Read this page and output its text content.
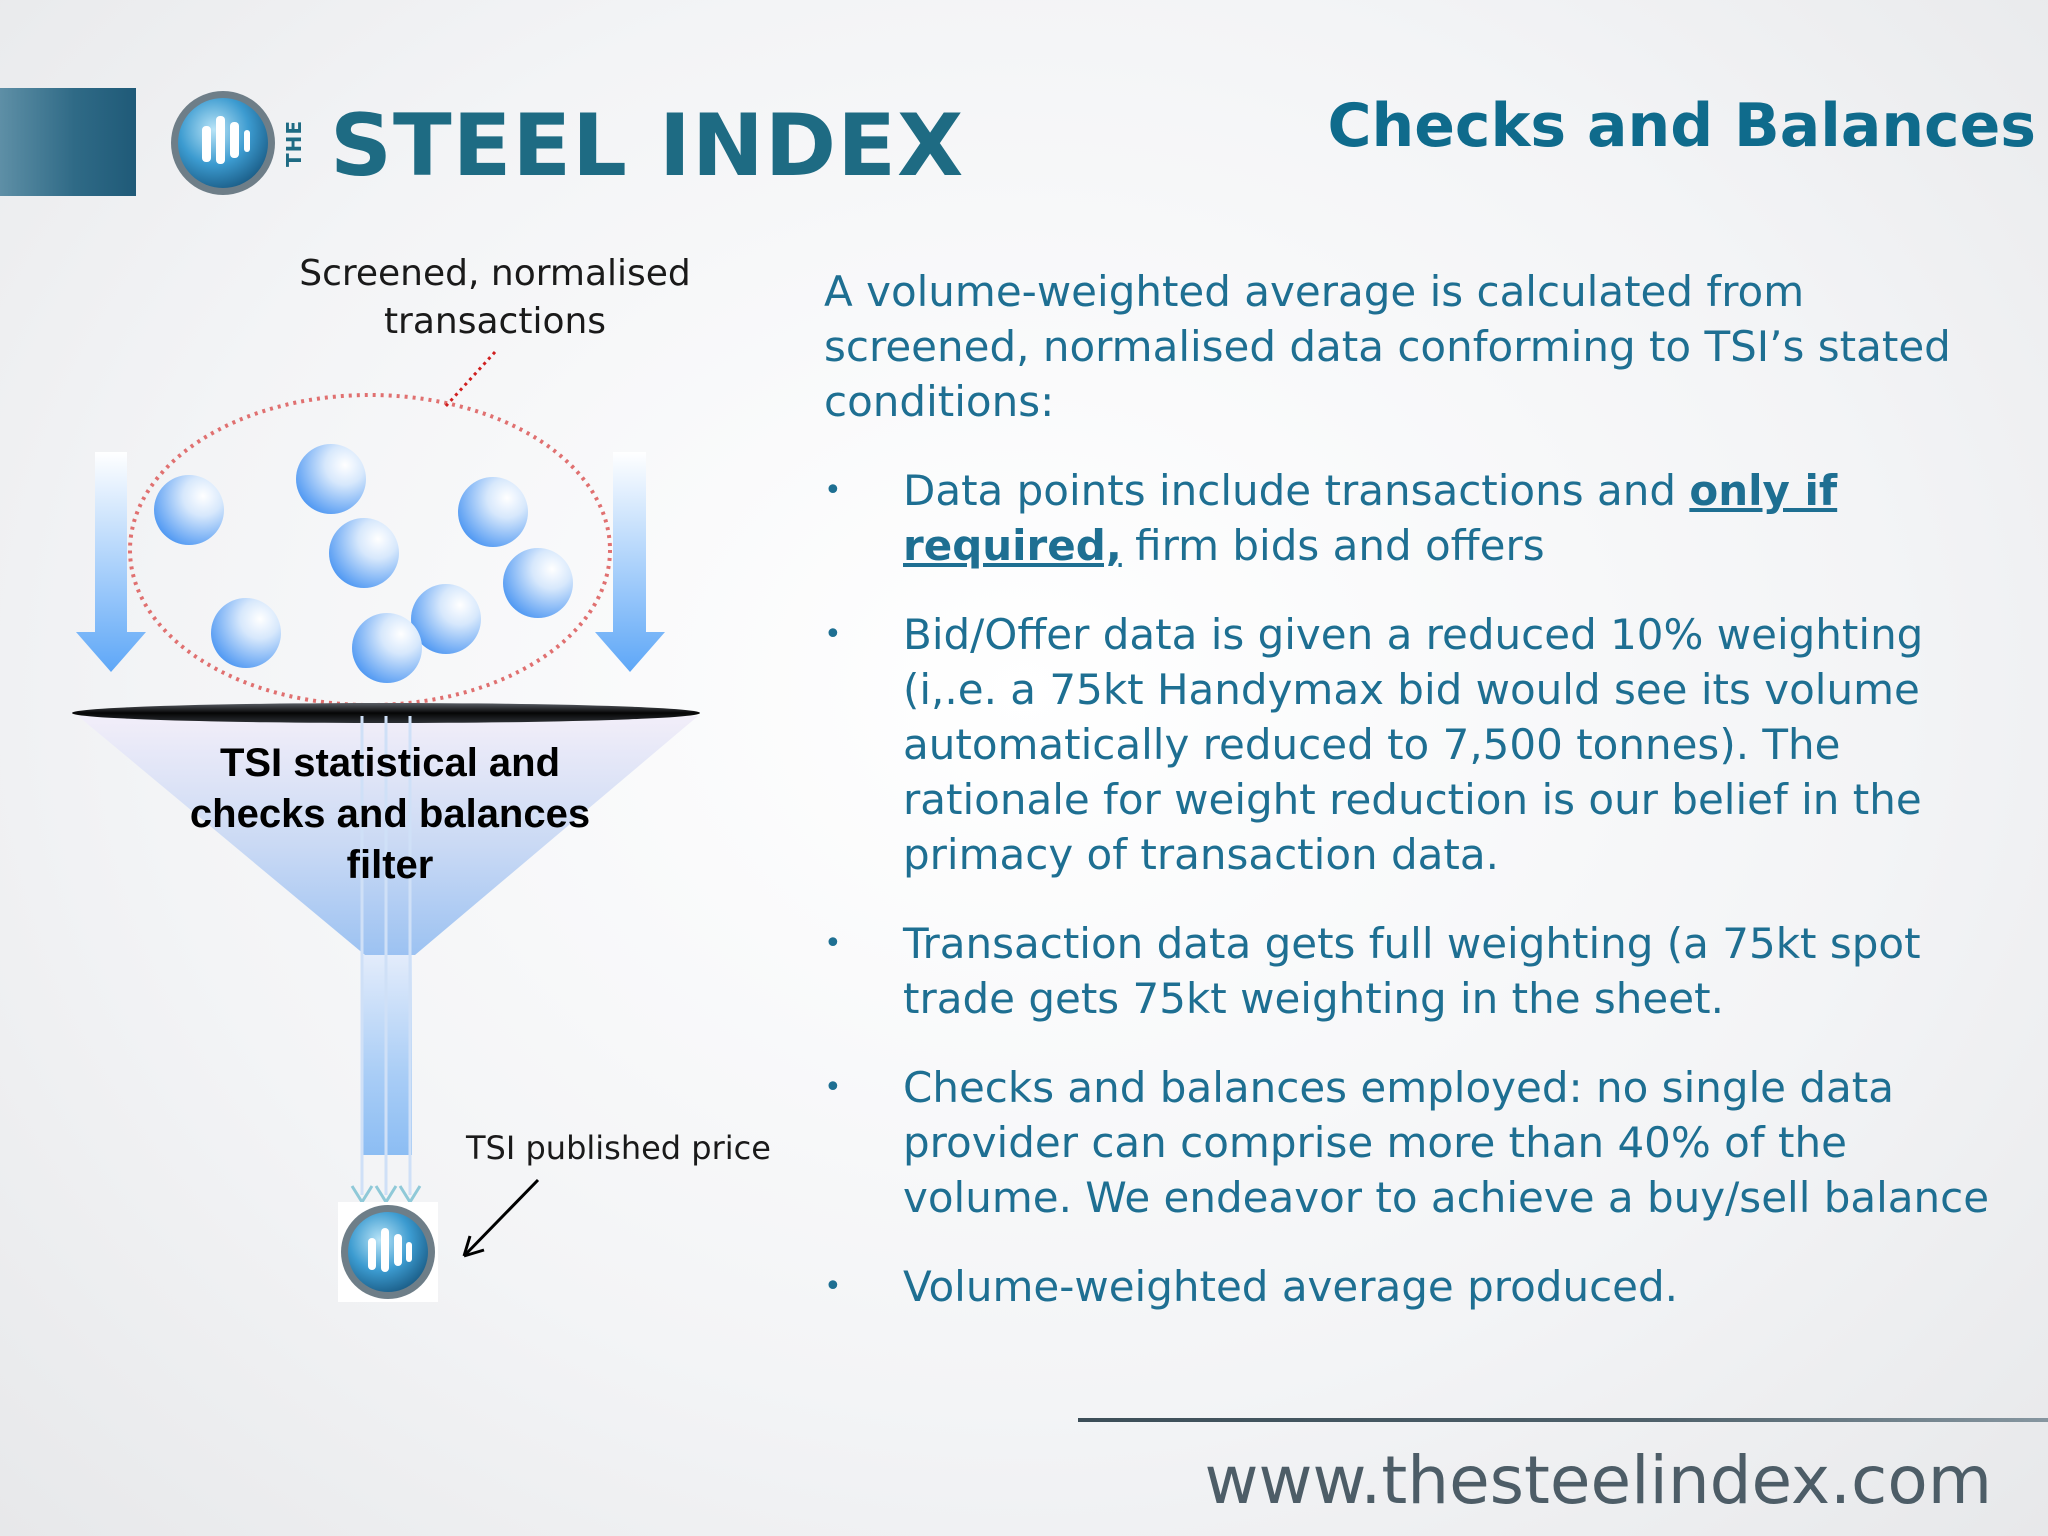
THE STEEL INDEX	Checks and Balances
Screened, normalised
transactions
TSI statistical and
checks and balances
filter
TSI published price

A volume-weighted average is calculated from screened, normalised data conforming to TSI’s stated conditions:

•	Data points include transactions and only if required, firm bids and offers
•	Bid/Offer data is given a reduced 10% weighting (i,.e. a 75kt Handymax bid would see its volume automatically reduced to 7,500 tonnes). The rationale for weight reduction is our belief in the primacy of transaction data.
•	Transaction data gets full weighting (a 75kt spot trade gets 75kt weighting in the sheet.
•	Checks and balances employed: no single data provider can comprise more than 40% of the volume. We endeavor to achieve a buy/sell balance
•	Volume-weighted average produced.
www.thesteelindex.com
